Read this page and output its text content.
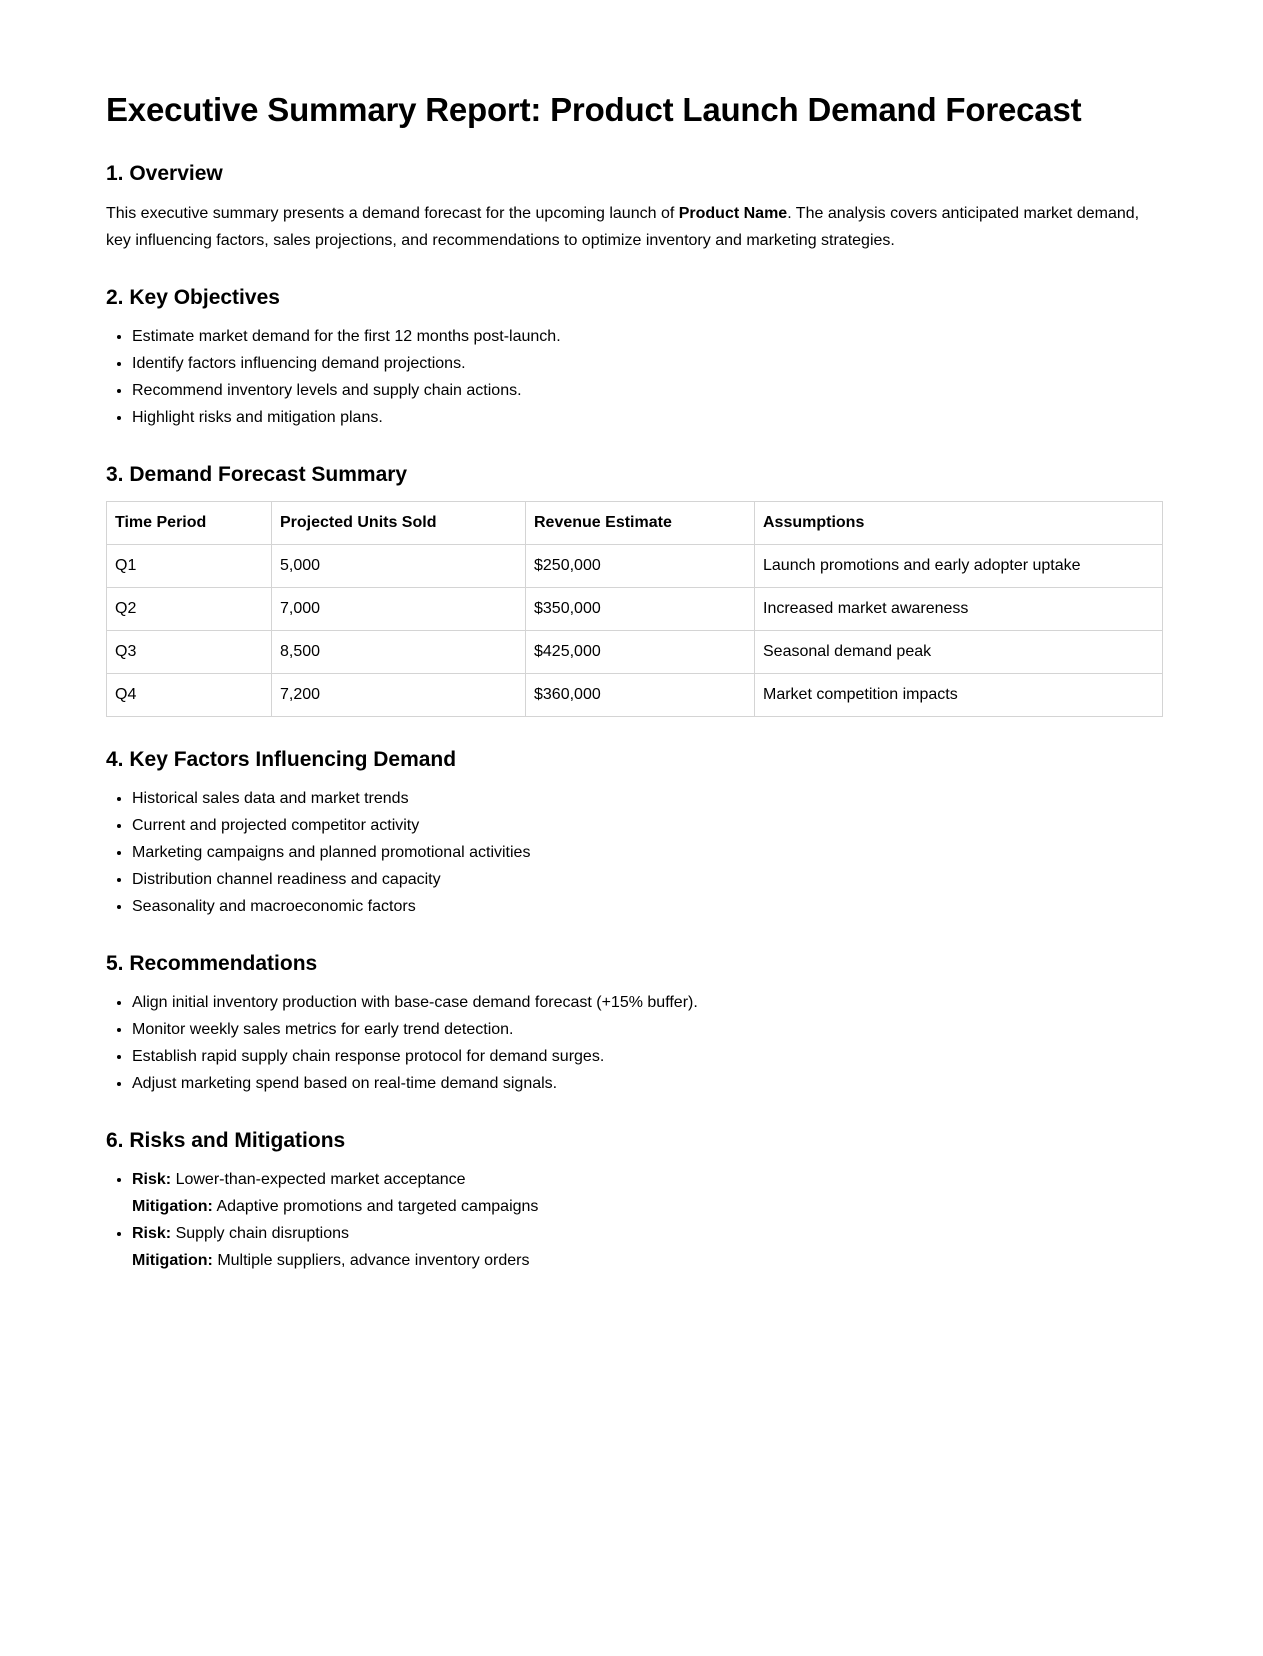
Executive Summary Report: Product Launch Demand Forecast
1. Overview

This executive summary presents a demand forecast for the upcoming launch of Product Name. The analysis covers anticipated market demand, key influencing factors, sales projections, and recommendations to optimize inventory and marketing strategies.

2. Key Objectives
• Estimate market demand for the first 12 months post-launch.
• Identify factors influencing demand projections.
• Recommend inventory levels and supply chain actions.
• Highlight risks and mitigation plans.
3. Demand Forecast Summary
Time Period	Projected Units Sold	Revenue Estimate	Assumptions
Q1	5,000	$250,000	Launch promotions and early adopter uptake
Q2	7,000	$350,000	Increased market awareness
Q3	8,500	$425,000	Seasonal demand peak
Q4	7,200	$360,000	Market competition impacts
4. Key Factors Influencing Demand
• Historical sales data and market trends
• Current and projected competitor activity
• Marketing campaigns and planned promotional activities
• Distribution channel readiness and capacity
• Seasonality and macroeconomic factors
5. Recommendations
• Align initial inventory production with base-case demand forecast (+15% buffer).
• Monitor weekly sales metrics for early trend detection.
• Establish rapid supply chain response protocol for demand surges.
• Adjust marketing spend based on real-time demand signals.
6. Risks and Mitigations
• Risk: Lower-than-expected market acceptance
Mitigation: Adaptive promotions and targeted campaigns
• Risk: Supply chain disruptions
Mitigation: Multiple suppliers, advance inventory orders
